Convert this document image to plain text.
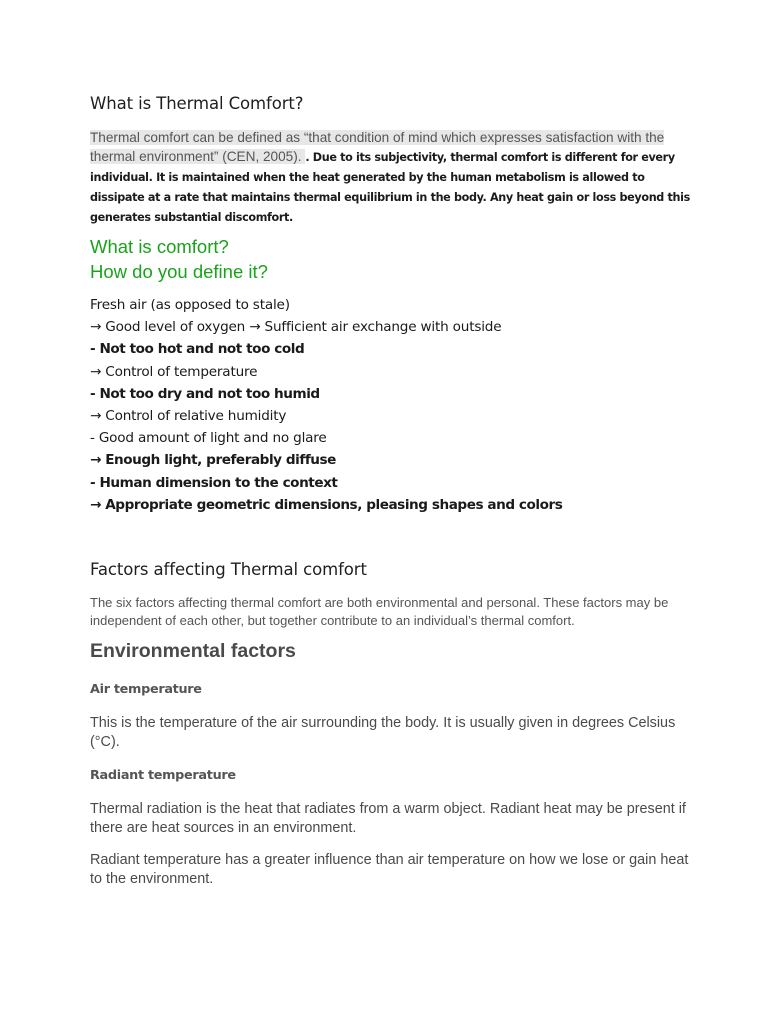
What is Thermal Comfort?

Thermal comfort can be defined as “that condition of mind which expresses satisfaction with the thermal environment” (CEN, 2005). . Due to its subjectivity, thermal comfort is different for every individual. It is maintained when the heat generated by the human metabolism is allowed to dissipate at a rate that maintains thermal equilibrium in the body. Any heat gain or loss beyond this generates substantial discomfort.

What is comfort?
How do you define it?
Fresh air (as opposed to stale)
→ Good level of oxygen → Sufficient air exchange with outside
- Not too hot and not too cold
→ Control of temperature
- Not too dry and not too humid
→ Control of relative humidity
- Good amount of light and no glare
→ Enough light, preferably diffuse
- Human dimension to the context
→ Appropriate geometric dimensions, pleasing shapes and colors
Factors affecting Thermal comfort

The six factors affecting thermal comfort are both environmental and personal. These factors may be independent of each other, but together contribute to an individual’s thermal comfort.

Environmental factors
Air temperature

This is the temperature of the air surrounding the body. It is usually given in degrees Celsius (°C).

Radiant temperature

Thermal radiation is the heat that radiates from a warm object. Radiant heat may be present if there are heat sources in an environment.

Radiant temperature has a greater influence than air temperature on how we lose or gain heat to the environment.
